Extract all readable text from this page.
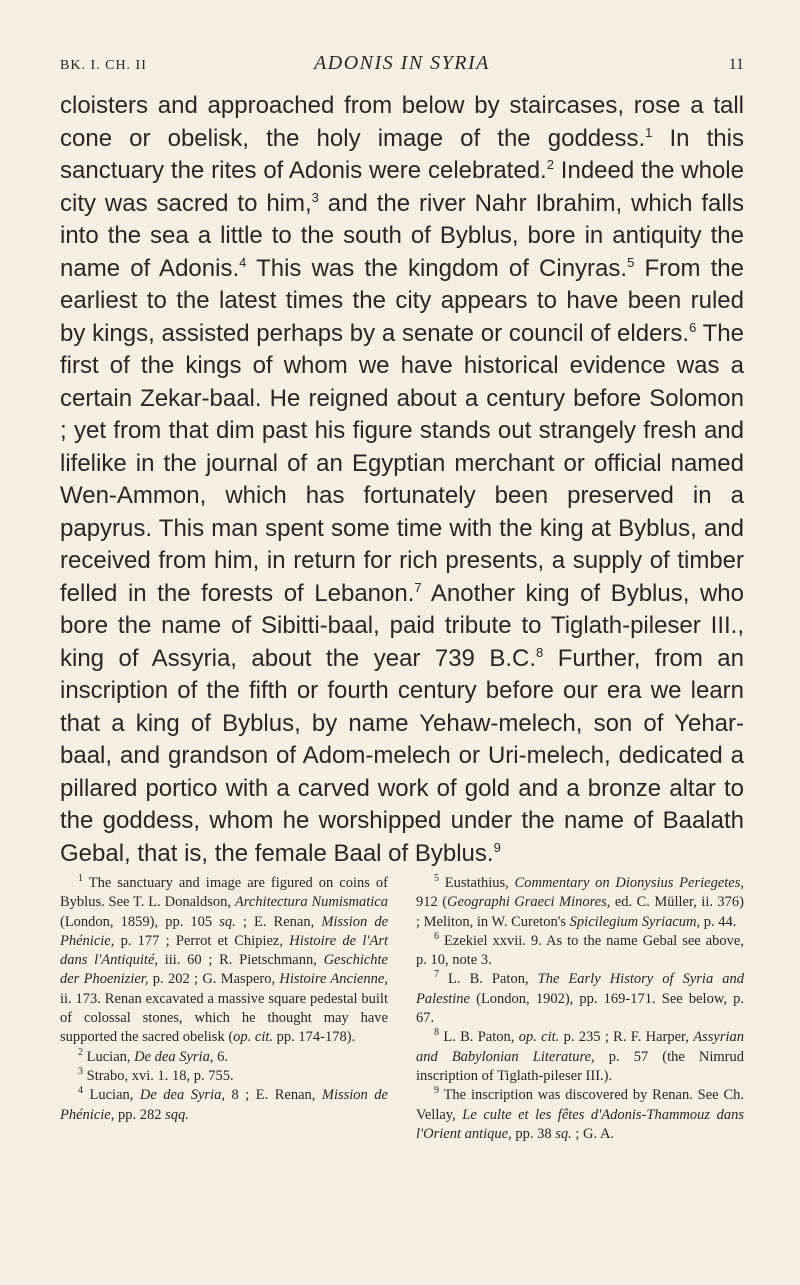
BK. I. CH. II	ADONIS IN SYRIA	11
cloisters and approached from below by staircases, rose a tall cone or obelisk, the holy image of the goddess.$^1$ In this sanctuary the rites of Adonis were celebrated.$^2$ Indeed the whole city was sacred to him,$^3$ and the river Nahr Ibrahim, which falls into the sea a little to the south of Byblus, bore in antiquity the name of Adonis.$^4$ This was the kingdom of Cinyras.$^5$ From the earliest to the latest times the city appears to have been ruled by kings, assisted perhaps by a senate or council of elders.$^6$ The first of the kings of whom we have historical evidence was a certain Zekar-baal. He reigned about a century before Solomon ; yet from that dim past his figure stands out strangely fresh and lifelike in the journal of an Egyptian merchant or official named Wen-Ammon, which has fortunately been preserved in a papyrus. This man spent some time with the king at Byblus, and received from him, in return for rich presents, a supply of timber felled in the forests of Lebanon.$^7$ Another king of Byblus, who bore the name of Sibitti-baal, paid tribute to Tiglath-pileser III., king of Assyria, about the year 739 B.C.$^8$ Further, from an inscription of the fifth or fourth century before our era we learn that a king of Byblus, by name Yehaw-melech, son of Yehar-baal, and grandson of Adom-melech or Uri-melech, dedicated a pillared portico with a carved work of gold and a bronze altar to the goddess, whom he worshipped under the name of Baalath Gebal, that is, the female Baal of Byblus.$^9$

$^1$ The sanctuary and image are figured on coins of Byblus. See T. L. Donaldson, Architectura Numismatica (London, 1859), pp. 105 sq. ; E. Renan, Mission de Phénicie, p. 177 ; Perrot et Chipiez, Histoire de l'Art dans l'Antiquité, iii. 60 ; R. Pietschmann, Geschichte der Phoenizier, p. 202 ; G. Maspero, Histoire Ancienne, ii. 173. Renan excavated a massive square pedestal built of colossal stones, which he thought may have supported the sacred obelisk (op. cit. pp. 174-178).

$^2$ Lucian, De dea Syria, 6.

$^3$ Strabo, xvi. 1. 18, p. 755.

$^4$ Lucian, De dea Syria, 8 ; E. Renan, Mission de Phénicie, pp. 282 sqq.

$^5$ Eustathius, Commentary on Dionysius Periegetes, 912 (Geographi Graeci Minores, ed. C. Müller, ii. 376) ; Meliton, in W. Cureton's Spicilegium Syriacum, p. 44.

$^6$ Ezekiel xxvii. 9. As to the name Gebal see above, p. 10, note 3.

$^7$ L. B. Paton, The Early History of Syria and Palestine (London, 1902), pp. 169-171. See below, p. 67.

$^8$ L. B. Paton, op. cit. p. 235 ; R. F. Harper, Assyrian and Babylonian Literature, p. 57 (the Nimrud inscription of Tiglath-pileser III.).

$^9$ The inscription was discovered by Renan. See Ch. Vellay, Le culte et les fêtes d'Adonis-Thammouz dans l'Orient antique, pp. 38 sq. ; G. A.
